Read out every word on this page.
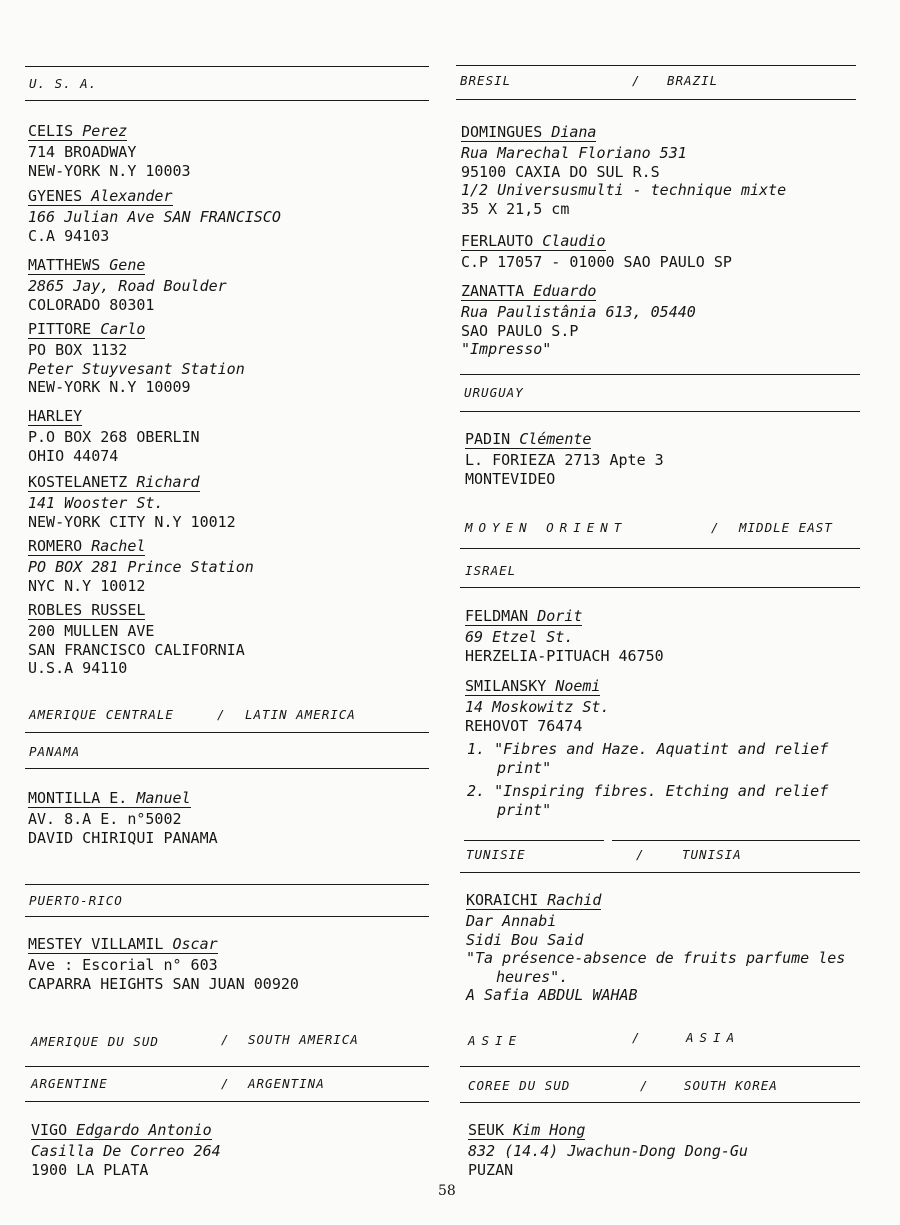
U. S. A.
CELIS Perez
714 BROADWAY
NEW-YORK N.Y 10003
GYENES Alexander
166 Julian Ave SAN FRANCISCO
C.A 94103
MATTHEWS Gene
2865 Jay, Road Boulder
COLORADO 80301
PITTORE Carlo
PO BOX 1132
Peter Stuyvesant Station
NEW-YORK N.Y 10009
HARLEY
P.O BOX 268 OBERLIN
OHIO 44074
KOSTELANETZ Richard
141 Wooster St.
NEW-YORK CITY N.Y 10012
ROMERO Rachel
PO BOX 281 Prince Station
NYC N.Y 10012
ROBLES RUSSEL
200 MULLEN AVE
SAN FRANCISCO CALIFORNIA
U.S.A 94110
AMERIQUE CENTRALE	/ LATIN AMERICA
PANAMA
MONTILLA E. Manuel
AV. 8.A E. n°5002
DAVID CHIRIQUI PANAMA
PUERTO-RICO
MESTEY VILLAMIL Oscar
Ave : Escorial n° 603
CAPARRA HEIGHTS SAN JUAN 00920
AMERIQUE DU SUD	/ SOUTH AMERICA
ARGENTINE	/ ARGENTINA
VIGO Edgardo Antonio
Casilla De Correo 264
1900 LA PLATA
BRESIL	/ BRAZIL
DOMINGUES Diana
Rua Marechal Floriano 531
95100 CAXIA DO SUL R.S
1/2 Universusmulti - technique mixte
35 X 21,5 cm
FERLAUTO Claudio
C.P 17057 - 01000 SAO PAULO SP
ZANATTA Eduardo
Rua Paulistânia 613, 05440
SAO PAULO S.P
"Impresso"
URUGUAY
PADIN Clémente
L. FORIEZA 2713 Apte 3
MONTEVIDEO
MOYEN ORIENT	/ MIDDLE EAST
ISRAEL
FELDMAN Dorit
69 Etzel St.
HERZELIA-PITUACH 46750
SMILANSKY Noemi
14 Moskowitz St.
REHOVOT 76474
1. "Fibres and Haze. Aquatint and relief
print"
2. "Inspiring fibres. Etching and relief
print"
TUNISIE	/	TUNISIA
KORAICHI Rachid
Dar Annabi
Sidi Bou Said
"Ta présence-absence de fruits parfume les
heures".
A Safia ABDUL WAHAB
ASIE	/	ASIA
COREE DU SUD	/	SOUTH KOREA
SEUK Kim Hong
832 (14.4) Jwachun-Dong Dong-Gu
PUZAN
58
